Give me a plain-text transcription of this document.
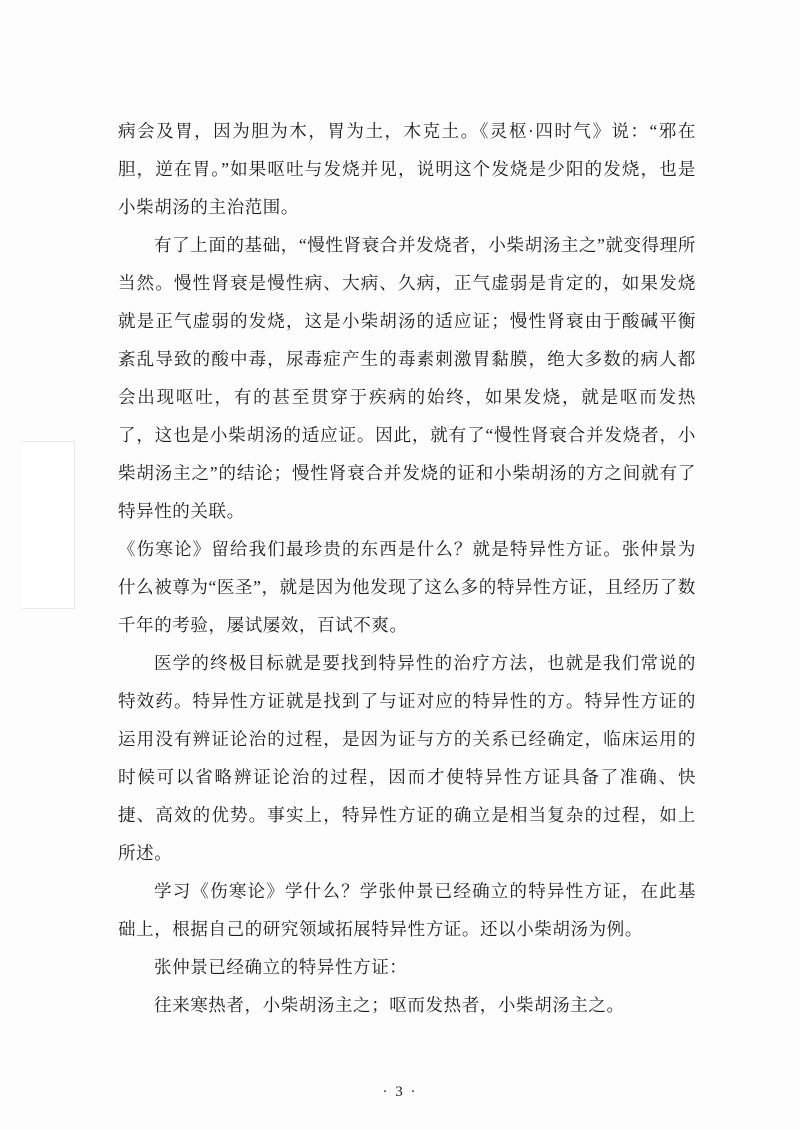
病会及胃，因为胆为木，胃为土，木克土。《灵枢·四时气》说：“邪在胆，逆在胃。”如果呕吐与发烧并见，说明这个发烧是少阳的发烧，也是小柴胡汤的主治范围。

有了上面的基础，“慢性肾衰合并发烧者，小柴胡汤主之”就变得理所当然。慢性肾衰是慢性病、大病、久病，正气虚弱是肯定的，如果发烧就是正气虚弱的发烧，这是小柴胡汤的适应证；慢性肾衰由于酸碱平衡紊乱导致的酸中毒，尿毒症产生的毒素刺激胃黏膜，绝大多数的病人都会出现呕吐，有的甚至贯穿于疾病的始终，如果发烧，就是呕而发热了，这也是小柴胡汤的适应证。因此，就有了“慢性肾衰合并发烧者，小柴胡汤主之”的结论；慢性肾衰合并发烧的证和小柴胡汤的方之间就有了特异性的关联。

《伤寒论》留给我们最珍贵的东西是什么？就是特异性方证。张仲景为什么被尊为“医圣”，就是因为他发现了这么多的特异性方证，且经历了数千年的考验，屡试屡效，百试不爽。

医学的终极目标就是要找到特异性的治疗方法，也就是我们常说的特效药。特异性方证就是找到了与证对应的特异性的方。特异性方证的运用没有辨证论治的过程，是因为证与方的关系已经确定，临床运用的时候可以省略辨证论治的过程，因而才使特异性方证具备了准确、快捷、高效的优势。事实上，特异性方证的确立是相当复杂的过程，如上所述。

学习《伤寒论》学什么？学张仲景已经确立的特异性方证，在此基础上，根据自己的研究领域拓展特异性方证。还以小柴胡汤为例。

张仲景已经确立的特异性方证：

往来寒热者，小柴胡汤主之；呕而发热者，小柴胡汤主之。

· 3 ·
